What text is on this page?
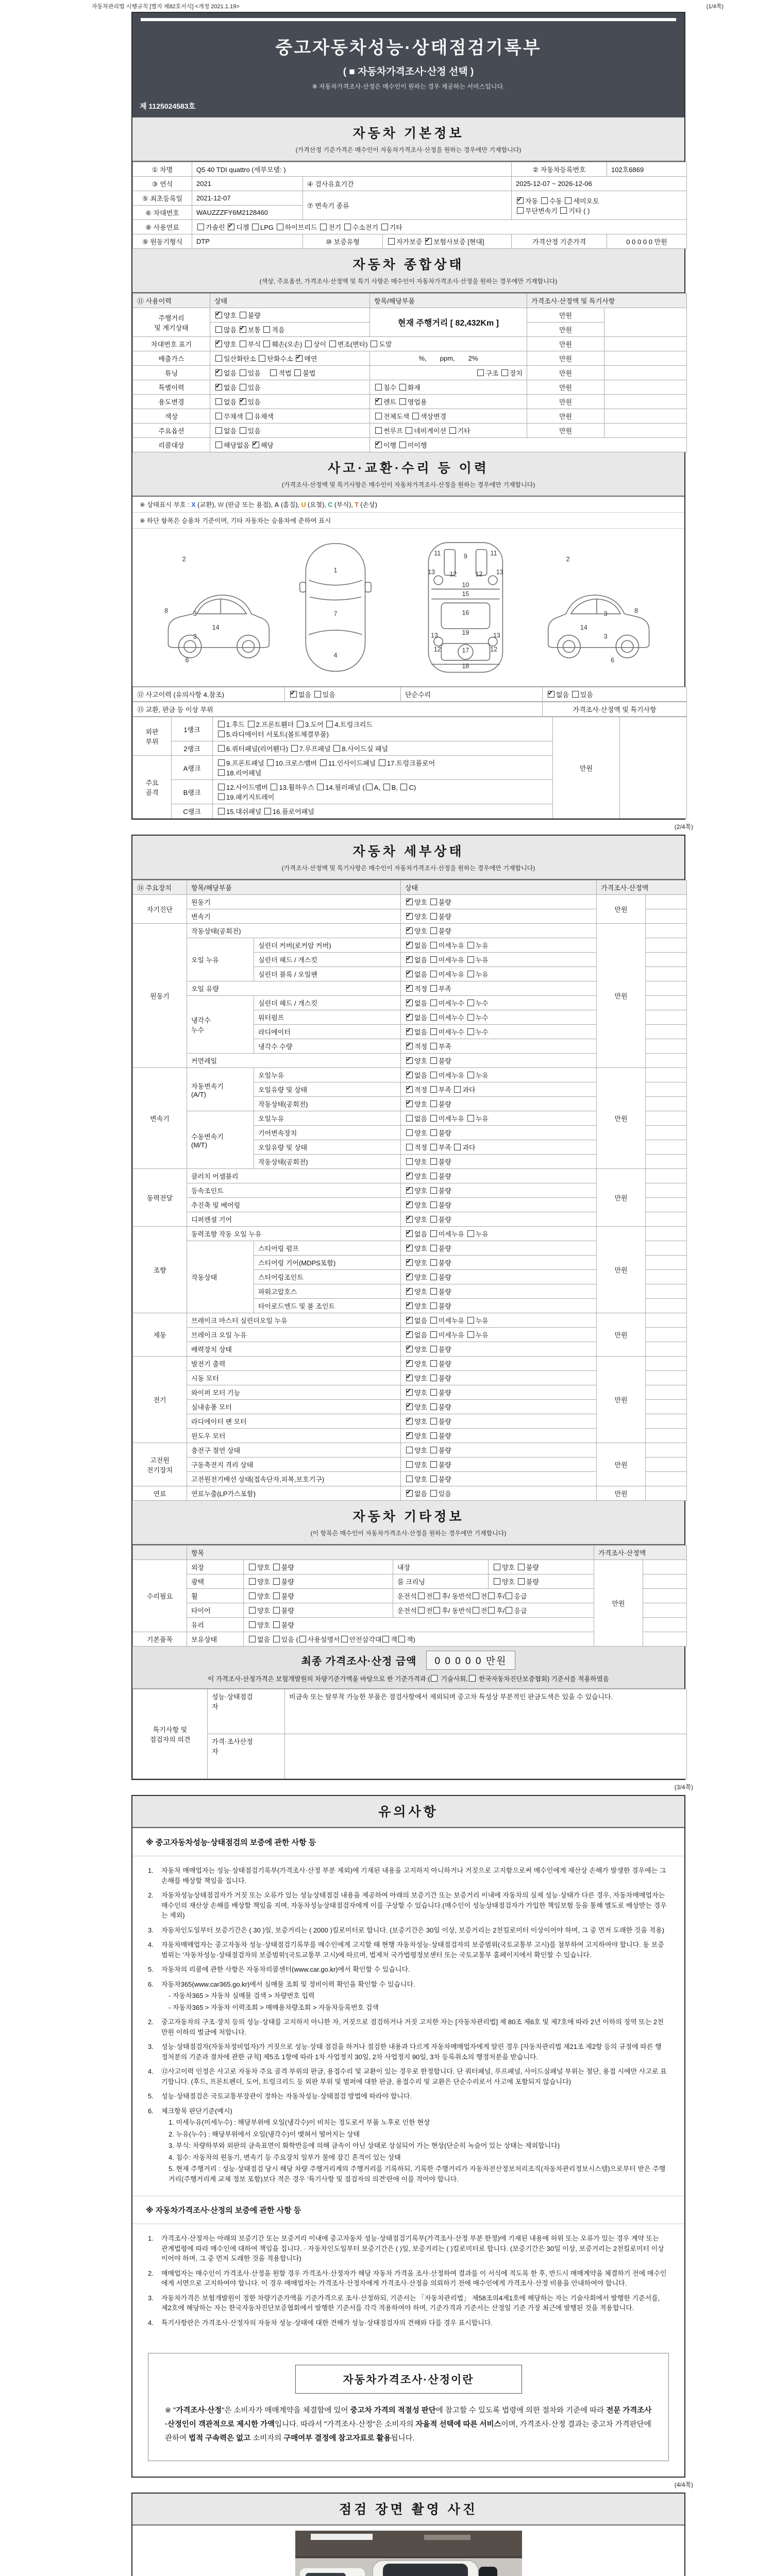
자동차관리법 시행규칙 [별지 제82호서식] <개정 2021.1.19>	(1/4쪽)
중고자동차성능·상태점검기록부
( ■ 자동차가격조사·산정 선택 )
※ 자동차가격조사·산정은 매수인이 원하는 경우 제공하는 서비스입니다.
제 1125024583호
자동차 기본정보
(가격산정 기준가격은 매수인이 자동차가격조사·산정을 원하는 경우에만 기재합니다)
① 차명	Q5 40 TDI quattro (세부모델: )			② 자동차등록번호	102호6869
③ 연식	2021	④ 검사유효기간		2025-12-07 ~ 2026-12-06	
⑤ 최초등록일	2021-12-07	⑦ 변속기 종류	✔자동 수동 세미오토
무단변속기 기타 ( )
⑥ 차대번호	WAUZZZFY6M2128460				
⑧ 사용연료	가솔린 ✔디젤 LPG 하이브리드 전기 수소전기 기타
⑨ 원동기형식	DTP	⑩ 보증유형	자가보증 ✔보험사보증 [현대]	가격산정 기준가격	0 0 0 0 0 만원
자동차 종합상태
(색상, 주요옵션, 가격조사·산정액 및 특기 사항은 매수인이 자동차가격조사·산정을 원하는 경우에만 기재합니다)
⑪ 사용이력	상태	항목/해당부품	가격조사·산정액 및 특기사항	
주행거리
및 계기상태	✔양호 불량	현재 주행거리 [ 82,432Km ]	만원	
	많음 ✔보통 적음		만원	
차대번호 표기	✔양호 부식 훼손(오손) 상이 변조(변타) 도말		만원	
배출가스	일산화탄소 탄화수소 ✔매연	%,  ppm,  2%	만원	
튜닝	✔없음 있음  적법 불법	구조 장치	만원	
특별이력	✔없음 있음	침수 화재	만원	
용도변경	없음 ✔있음	✔렌트 영업용	만원	
색상	무채색 유채색	전체도색 색상변경	만원	
주요옵션	없음 있음	썬루프 네비게이션 기타	만원	
리콜대상	해당없음 ✔해당	✔이행 미이행
사고·교환·수리 등 이력
(가격조사·산정액 및 특기사항은 매수인이 자동차가격조사·산정을 원하는 경우에만 기재합니다)
※ 상태표시 부호 : X (교환), W (판금 또는 용접), A (흠집), U (요철), C (부식), T (손상)
※ 하단 항목은 승용차 기준이며, 기타 자동차는 승용차에 준하여 표시
2
8	3
14
3
6
1
7
4
11	9	11
13 12	12 13
10
15
16
19
13	13
12	17	12
18
2
8
3
14
3
6
⑫ 사고이력 (유의사항 4.참조)	✔없음 있음	단순수리	✔없음 있음
⑬ 교환, 판금 등 이상 부위	가격조사·산정액 및 특기사항
외판
부위	1랭크	1.후드 2.프론트휀더 3.도어 4.트렁크리드
5.라디에이터 서포트(볼트체결부품)	만원	
	2랭크	6.쿼터패널(리어휀다) 7.루프패널 8.사이드실 패널		
주요
골격	A랭크	9.프론트패널 10.크로스멤버 11.인사이드패널 17.트렁크플로어
18.리어패널		
	B랭크	12.사이드멤버 13.휠하우스 14.필러패널 ( A, B, C)
19.패키지트레이		
	C랭크	15.대쉬패널 16.플로어패널		
(2/4쪽)
자동차 세부상태
(가격조사·산정액 및 특기사항은 매수인이 자동차가격조사·산정을 원하는 경우에만 기재합니다)
⑭ 주요장치	항목/해당부품		상태	가격조사·산정액	
자기진단	원동기	✔양호 불량	만원	
	변속기	✔양호 불량	
원동기	작동상태(공회전)	✔양호 불량	만원	
	오일 누유	실린더 커버(로커암 커버)	✔없음 미세누유 누유	
		실린더 헤드 / 개스킷	✔없음 미세누유 누유	
		실린더 블록 / 오일팬	✔없음 미세누유 누유	
	오일 유량	✔적정 부족	
	냉각수
누수	실린더 헤드 / 개스킷	✔없음 미세누수 누수	
		워터펌프	✔없음 미세누수 누수	
		라디에이터	✔없음 미세누수 누수	
		냉각수 수량	✔적정 부족	
	커먼레일	✔양호 불량	
변속기	자동변속기
(A/T)	오일누유	✔없음 미세누유 누유	만원	
		오일유량 및 상태	✔적정 부족 과다	
		작동상태(공회전)	✔양호 불량	
	수동변속기
(M/T)	오일누유	없음 미세누유 누유		
		기어변속장치	양호 불량		
		오일유량 및 상태	적정 부족 과다		
		작동상태(공회전)	양호 불량		
동력전달	클러치 어셈블리	✔양호 불량	만원	
	등속조인트	✔양호 불량	
	추진축 및 베어링	✔양호 불량	
	디퍼렌셜 기어	✔양호 불량	
조향	동력조향 작동 오일 누유	✔없음 미세누유 누유	만원	
	작동상태	스티어링 펌프	✔양호 불량	
		스티어링 기어(MDPS포함)	✔양호 불량	
		스티어링조인트	✔양호 불량	
		파워고압호스	✔양호 불량	
		타이로드엔드 및 볼 조인트	✔양호 불량	
제동	브레이크 마스터 실린더오일 누유	✔없음 미세누유 누유	만원	
	브레이크 오일 누유	✔없음 미세누유 누유	
	배력장치 상태	✔양호 불량	
전기	발전기 출력	✔양호 불량	만원	
	시동 모터	✔양호 불량	
	와이퍼 모터 기능	✔양호 불량	
	실내송풍 모터	✔양호 불량	
	라디에이터 팬 모터	✔양호 불량	
	윈도우 모터	✔양호 불량	
고전원
전기장치	충전구 절연 상태		양호 불량	만원	
	구동축전지 격리 상태		양호 불량		
	고전원전기배선 상태(접속단자,피복,보호기구)		양호 불량		
연료	연료누출(LP가스포함)	✔없음 있음	만원	
자동차 기타정보
(이 항목은 매수인이 자동차가격조사·산정을 원하는 경우에만 기재합니다)
	항목				가격조사·산정액	
수리필요	외장	양호 불량	내장	양호 불량	만원	
	광택	양호 불량	룸 크리닝	양호 불량		
	휠	양호 불량	운전석 전 후/ 동반석 전 후/ 응급			
	타이어	양호 불량	운전석 전 후/ 동반석 전 후/ 응급			
	유리	양호 불량				
기본품목	보유상태	없음 있음 ( 사용설명서 안전삼각대 잭 잭)				
최종 가격조사·산정 금액	0 0 0 0 0 만원
이 가격조사·산정가격은 보험개발원의 차량기준가액을 바탕으로 한 기준가격과 ( 기술사회, 한국자동차진단보증협회) 기준서를 적용하였음
특기사항 및
점검자의 의견	성능·상태점검
자	비금속 또는 탈부착 가능한 부품은 점검사항에서 제외되며 중고차 특성상 부분적인 판금도색은 있을 수 있습니다.
	가격·조사산정
자	
(3/4쪽)
유의사항
※ 중고자동차성능·상태점검의 보증에 관한 사항 등
1.	자동차 매매업자는 성능·상태점검기록부(가격조사·산정 부분 제외)에 기재된 내용을 고지하지 아니하거나 거짓으로 고지함으로써 매수인에게 재산상 손해가 발생한 경우에는 그 손해를 배상할 책임을 집니다.
2.	자동차성능상태점검자가 거짓 또는 오류가 있는 성능상태점검 내용을 제공하여 아래의 보증기간 또는 보증거리 이내에 자동차의 실제 성능·상태가 다른 경우, 자동차매매업자는 매수인의 재산상 손해를 배상할 책임을 지며, 자동차성능상태점검자에게 이를 구상할 수 있습니다.(매수인이 성능상태점검자가 가입한 책임보험 등을 통해 별도로 배상받는 경우는 제외)
3.	자동차인도일부터 보증기간은 ( 30 )일, 보증거리는 ( 2000 )킬로미터로 합니다. (보증기간은 30일 이상, 보증거리는 2천킬로미터 이상이어야 하며, 그 중 먼저 도래한 것을 적용)
4.	자동차매매업자는 중고자동차 성능·상태점검기록부를 매수인에게 고지할 때 현행 자동차성능·상태점검자의 보증범위(국토교통부 고시)를 첨부하여 고지하여야 합니다. 동 보증범위는 '자동차성능·상태점검자의 보증범위'(국토교통부 고시)에 따르며, 법제처 국가법령정보센터 또는 국토교통부 홈페이지에서 확인할 수 있습니다.
5.	자동차의 리콜에 관한 사항은 자동차리콜센터(www.car.go.kr)에서 확인할 수 있습니다.
6.	자동차365(www.car365.go.kr)에서 실매물 조회 및 정비이력 확인을 확인할 수 있습니다.
- 자동차365 > 자동차 실매물 검색 > 차량번호 입력
- 자동차365 > 자동차 이력조회 > 매매용차량조회 > 자동차등록번호 검색
2.	중고자동차의 구조·장치 등의 성능·상태를 고지하지 아니한 자, 거짓으로 점검하거나 거짓 고지한 자는 [자동차관리법] 제 80조 제6호 및 제7호에 따라 2년 이하의 징역 또는 2천만원 이하의 벌금에 처합니다.
3.	성능·상태점검자(자동차정비업자)가 거짓으로 성능·상태 점검을 하거나 점검한 내용과 다르게 자동차매매업자에게 알린 경우 [자동차관리법 제21조 제2항 등의 규정에 따른 행정처분의 기준과 절차에 관한 규칙] 제5조 1항에 따라 1차 사업정지 30일, 2차 사업정지 90일, 3차 등록취소의 행정처분을 받습니다.
4.	⑫사고이력 인정은 사고로 자동차 주요 골격 부위의 판금, 용접수리 및 교환이 있는 경우로 한정합니다. 단 쿼터패널, 루프패널, 사이드실패널 부위는 절단, 용접 시에만 사고로 표기합니다. (후드, 프론트펜더, 도어, 트렁크리드 등 외판 부위 및 범퍼에 대한 판금, 용접수리 및 교환은 단순수리로서 사고에 포함되지 않습니다)
5.	성능·상태점검은 국토교통부장관이 정하는 자동차성능·상태점검 방법에 따라야 합니다.
6.	체크항목 판단기준(예시)
1. 미세누유(미세누수) : 해당부위에 오일(냉각수)이 비치는 정도로서 부품 노후로 인한 현상
2. 누유(누수) : 해당부위에서 오일(냉각수)이 맺혀서 떨어지는 상태
3. 부식: 차량하부와 외판의 금속표면이 화학반응에 의해 금속이 아닌 상태로 상실되어 가는 현상(단순히 녹슬어 있는 상태는 제외합니다)
4. 침수: 자동차의 원동기, 변속기 등 주요장치 일부가 물에 잠긴 흔적이 있는 상태
5. 현재 주행거리 : 성능·상태점검 당시 해당 차량 주행거리계의 주행거리를 기록하되, 기록한 주행거리가 자동차전산정보처리조직(자동차관리정보시스템)으로부터 받은 주행거리(주행거리계 교체 정보 포함)보다 적은 경우 '특기사항 및 점검자의 의견'란에 이를 적어야 합니다.
※ 자동차가격조사·산정의 보증에 관한 사항 등
1.	가격조사·산정자는 아래의 보증기간 또는 보증거리 이내에 중고자동차 성능·상태점검기록부(가격조사·산정 부분 한정)에 기재된 내용에 허위 또는 오류가 있는 경우 계약 또는 관계법령에 따라 매수인에 대하여 책임을 집니다. · 자동차인도일부터 보증기간은 ( )일, 보증거리는 ( )킬로미터로 합니다. (보증기간은 30일 이상, 보증거리는 2천킬로미터 이상이어야 하며, 그 중 먼저 도래한 것을 적용합니다)
2.	매매업자는 매수인이 가격조사·산정을 원할 경우 가격조사·산정자가 해당 자동차 가격을 조사·산정하여 결과를 이 서식에 적도록 한 후, 반드시 매매계약을 체결하기 전에 매수인에게 서면으로 고지하여야 합니다. 이 경우 매매업자는 가격조사·산정자에게 가격조사·산정을 의뢰하기 전에 매수인에게 가격조사·산정 비용을 안내하여야 합니다.
3.	자동차가격은 보험개발원이 정한 차량기준가액을 기준가격으로 조사·산정하되, 기준서는 「자동차관리법」 제58조의4제1호에 해당하는 자는 기술사회에서 발행한 기준서를, 제2호에 해당하는 자는 한국자동차진단보증협회에서 발행한 기준서를 각각 적용하여야 하며, 기준가격과 기준서는 산정일 기준 가장 최근에 발행된 것을 적용합니다.
4.	특기사항란은 가격조사·산정자의 자동차 성능·상태에 대한 견해가 성능·상태점검자의 견해와 다를 경우 표시합니다.
자동차가격조사·산정이란
※ "가격조사·산정"은 소비자가 매매계약을 체결함에 있어 중고차 가격의 적절성 판단에 참고할 수 있도록 법령에 의한 절차와 기준에 따라 전문 가격조사·산정인이 객관적으로 제시한 가액입니다. 따라서 "가격조사·산정"은 소비자의 자율적 선택에 따른 서비스이며, 가격조사·산정 결과는 중고차 가격판단에 관하여 법적 구속력은 없고 소비자의 구매여부 결정에 참고자료로 활용됩니다.
(4/4쪽)
점검 장면 촬영 사진
